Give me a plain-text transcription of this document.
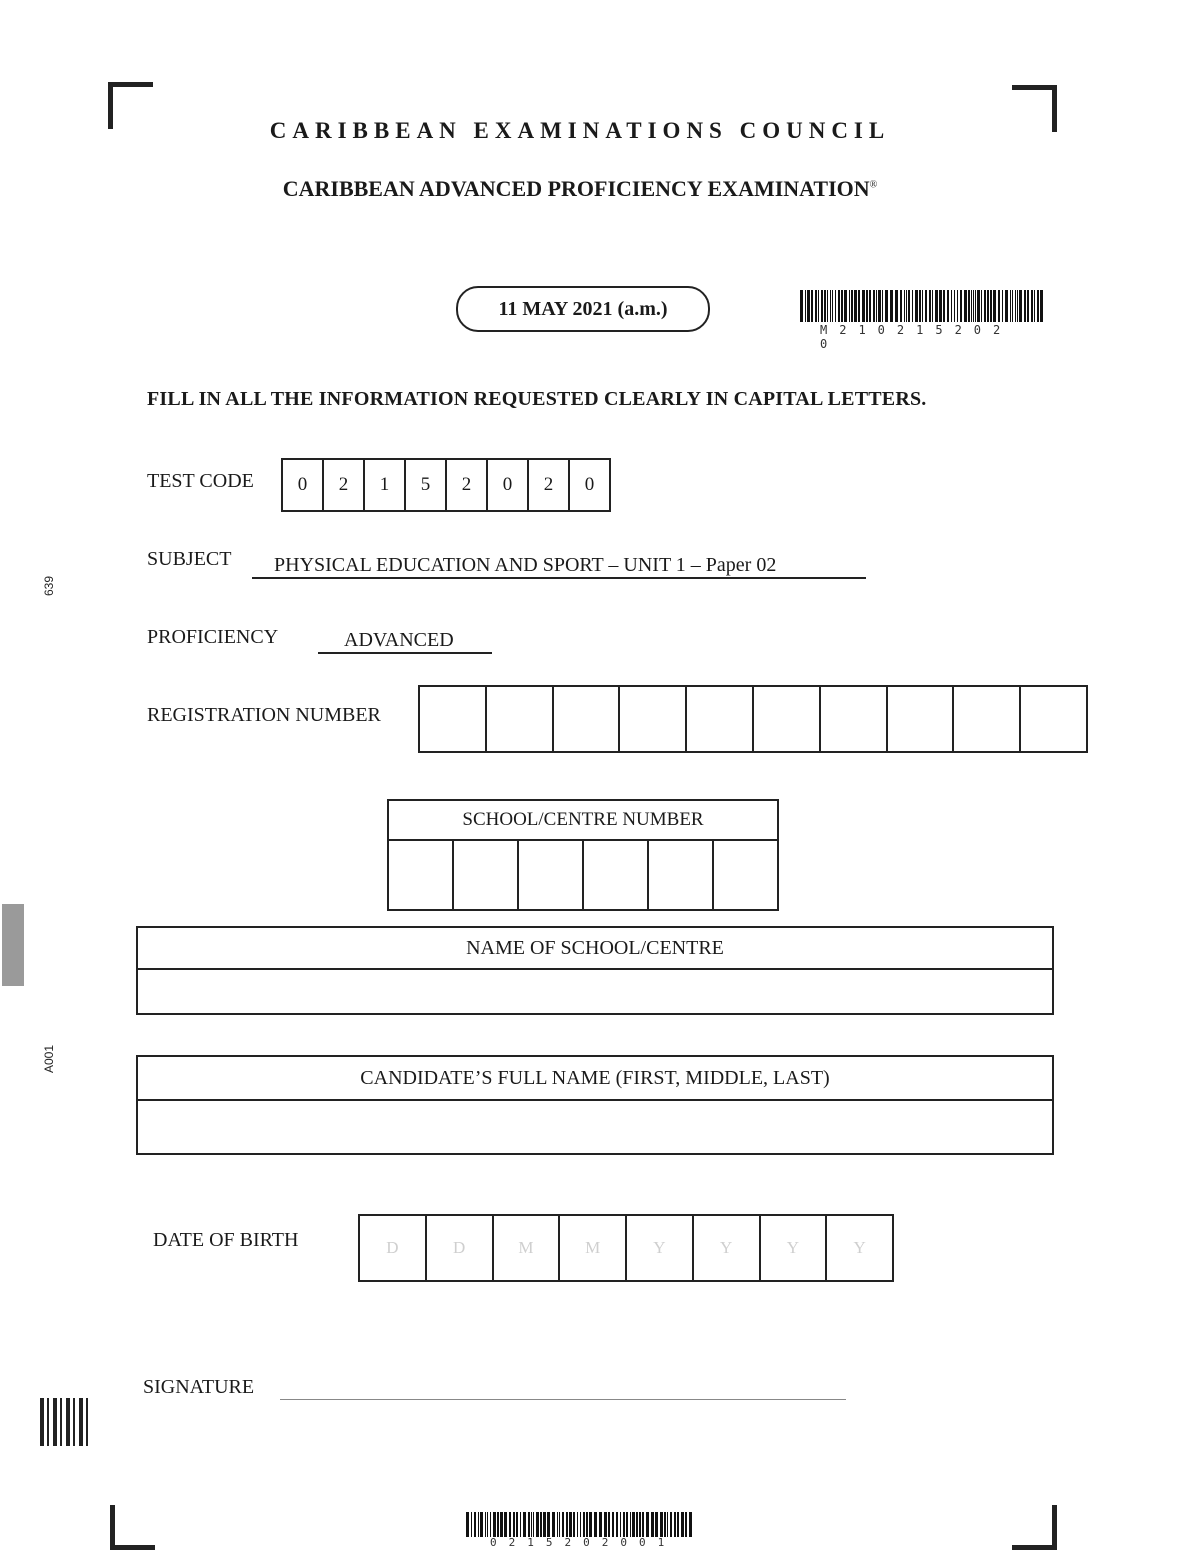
CARIBBEAN EXAMINATIONS COUNCIL
CARIBBEAN ADVANCED PROFICIENCY EXAMINATION®
11 MAY 2021 (a.m.)
M210215202 0
FILL IN ALL THE INFORMATION REQUESTED CLEARLY IN CAPITAL LETTERS.
TEST CODE	0	2	1	5	2	0	2	0
SUBJECT	PHYSICAL EDUCATION AND SPORT – UNIT 1 – Paper 02
PROFICIENCY	ADVANCED
REGISTRATION NUMBER
SCHOOL/CENTRE NUMBER
NAME OF SCHOOL/CENTRE
CANDIDATE’S FULL NAME (FIRST, MIDDLE, LAST)
DATE OF BIRTH	D	D	M	M	Y	Y	Y	Y
SIGNATURE
639
A001
0215202001
